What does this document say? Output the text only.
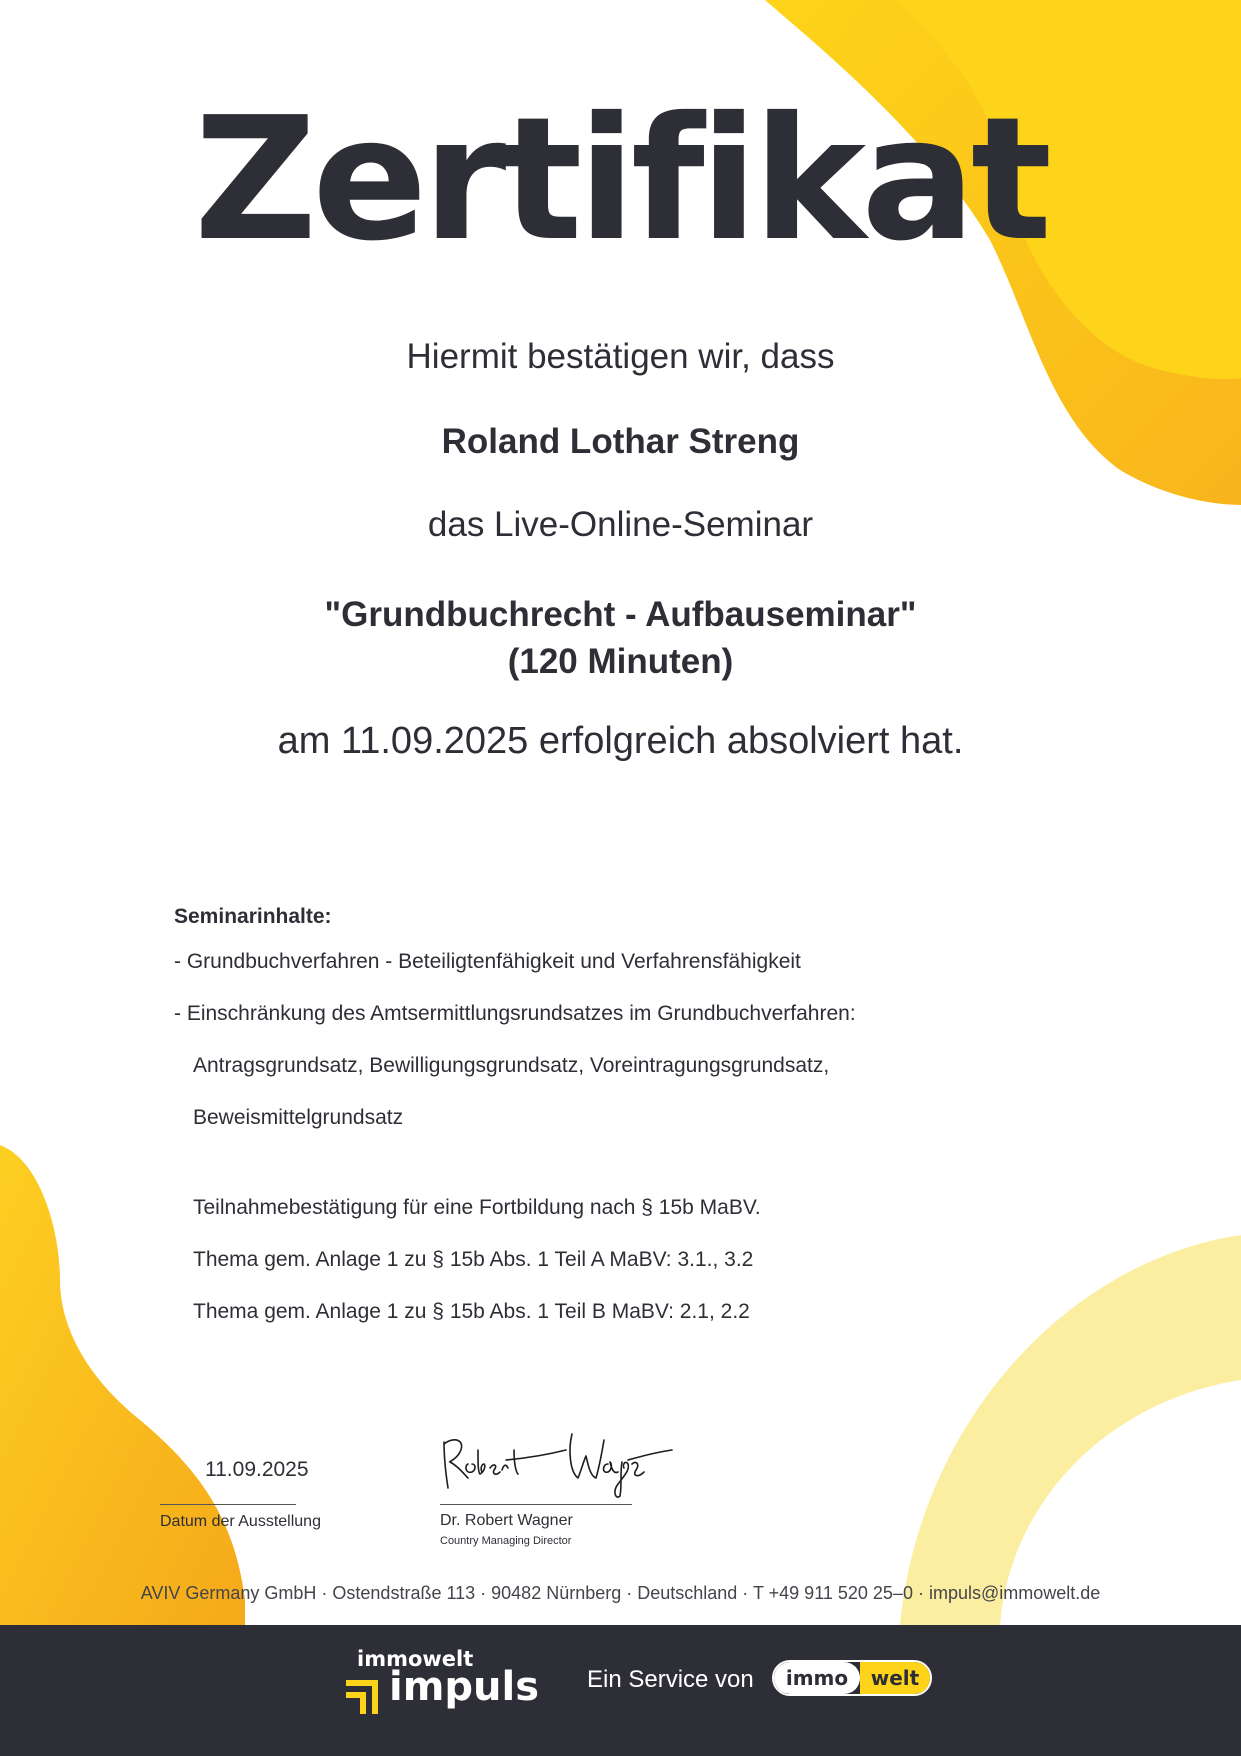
Zertifikat
Hiermit bestätigen wir, dass
Roland Lothar Streng
das Live-Online-Seminar
"Grundbuchrecht - Aufbauseminar"
(120 Minuten)
am 11.09.2025 erfolgreich absolviert hat.
Seminarinhalte:
- Grundbuchverfahren - Beteiligtenfähigkeit und Verfahrensfähigkeit
- Einschränkung des Amtsermittlungsrundsatzes im Grundbuchverfahren:
Antragsgrundsatz, Bewilligungsgrundsatz, Voreintragungsgrundsatz,
Beweismittelgrundsatz
Teilnahmebestätigung für eine Fortbildung nach § 15b MaBV.
Thema gem. Anlage 1 zu § 15b Abs. 1 Teil A MaBV: 3.1., 3.2
Thema gem. Anlage 1 zu § 15b Abs. 1 Teil B MaBV: 2.1, 2.2
11.09.2025
Datum der Ausstellung	Dr. Robert Wagner
Country Managing Director
AVIV Germany GmbH · Ostendstraße 113 · 90482 Nürnberg · Deutschland · T +49 911 520 25–0 · impuls@immowelt.de
immowelt
impuls Ein Service von	immo	welt
